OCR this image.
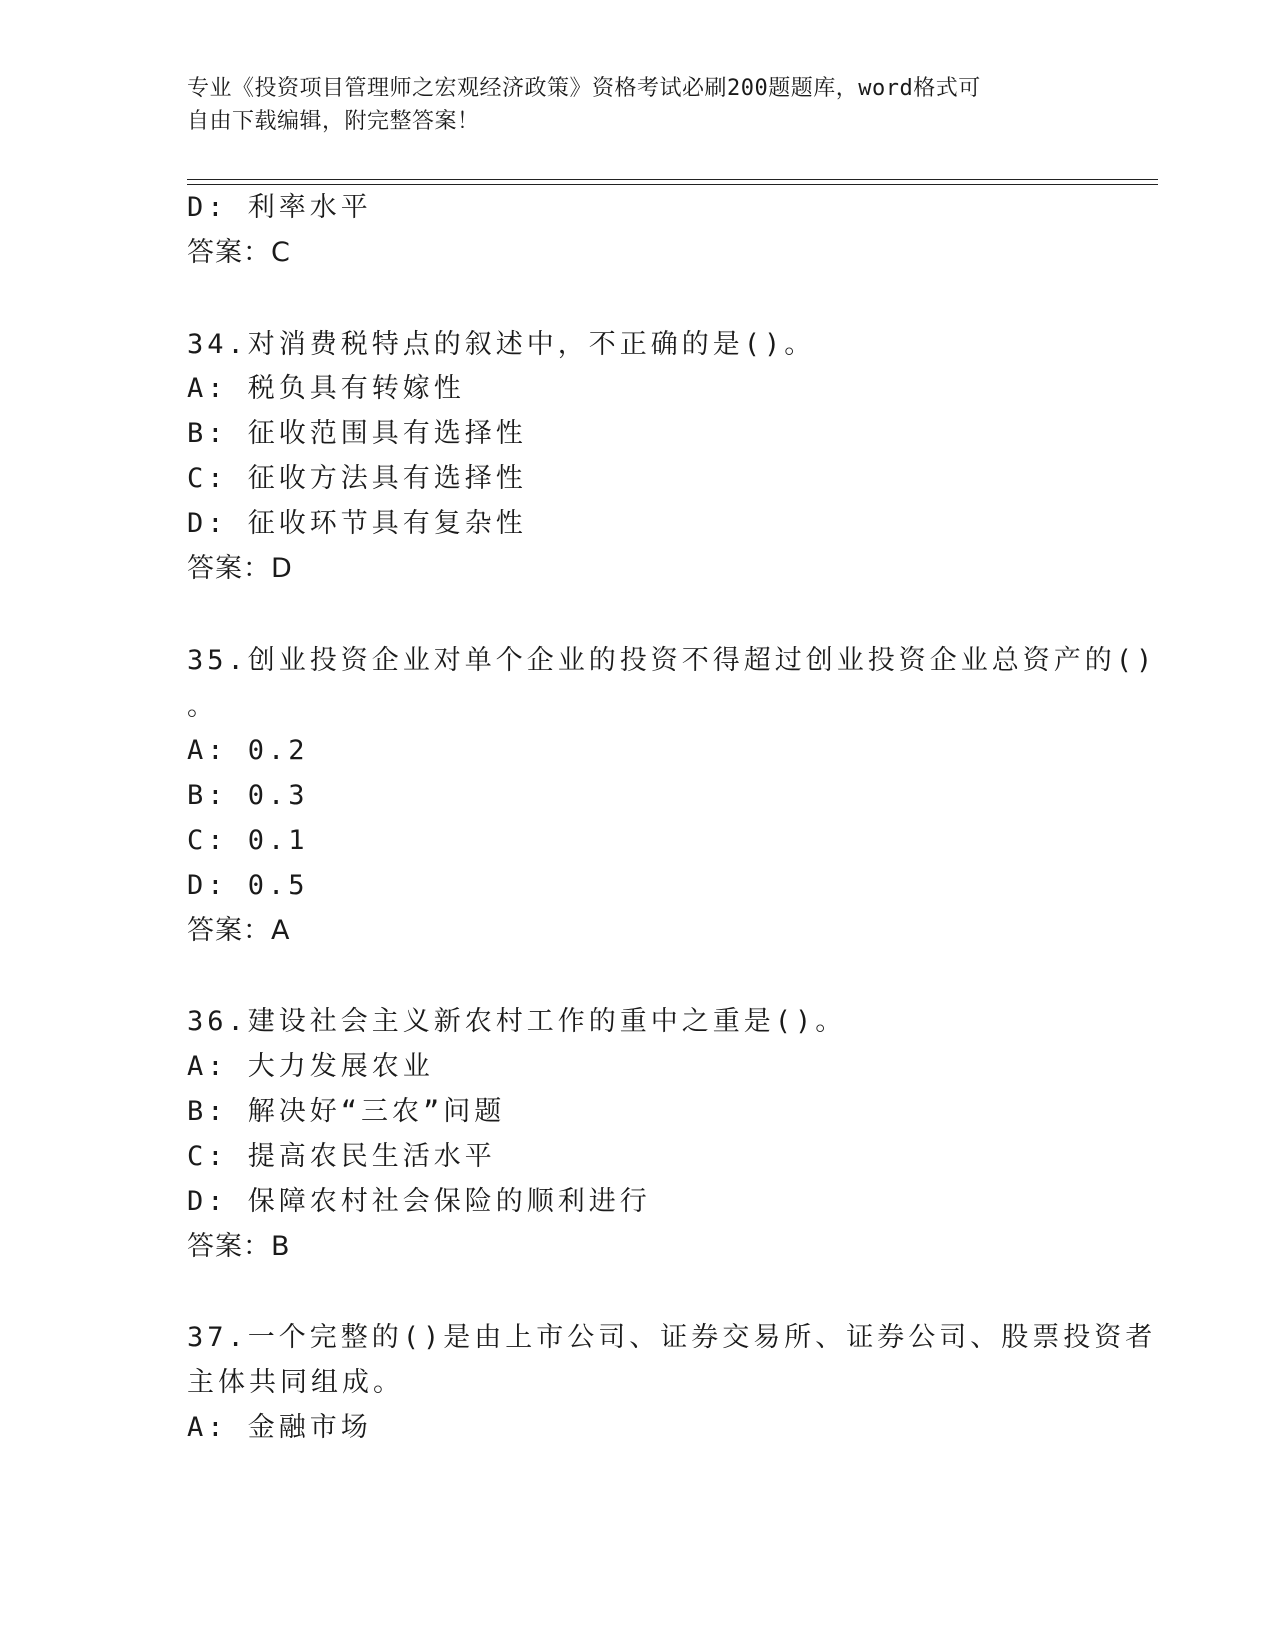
专业《投资项目管理师之宏观经济政策》资格考试必刷200题题库，word格式可
自由下载编辑，附完整答案！
D: 利率水平
答案：C
34.对消费税特点的叙述中，不正确的是()。
A: 税负具有转嫁性
B: 征收范围具有选择性
C: 征收方法具有选择性
D: 征收环节具有复杂性
答案：D
35.创业投资企业对单个企业的投资不得超过创业投资企业总资产的()
。
A: 0.2
B: 0.3
C: 0.1
D: 0.5
答案：A
36.建设社会主义新农村工作的重中之重是()。
A: 大力发展农业
B: 解决好“三农”问题
C: 提高农民生活水平
D: 保障农村社会保险的顺利进行
答案：B
37.一个完整的()是由上市公司、证券交易所、证券公司、股票投资者
主体共同组成。
A: 金融市场
